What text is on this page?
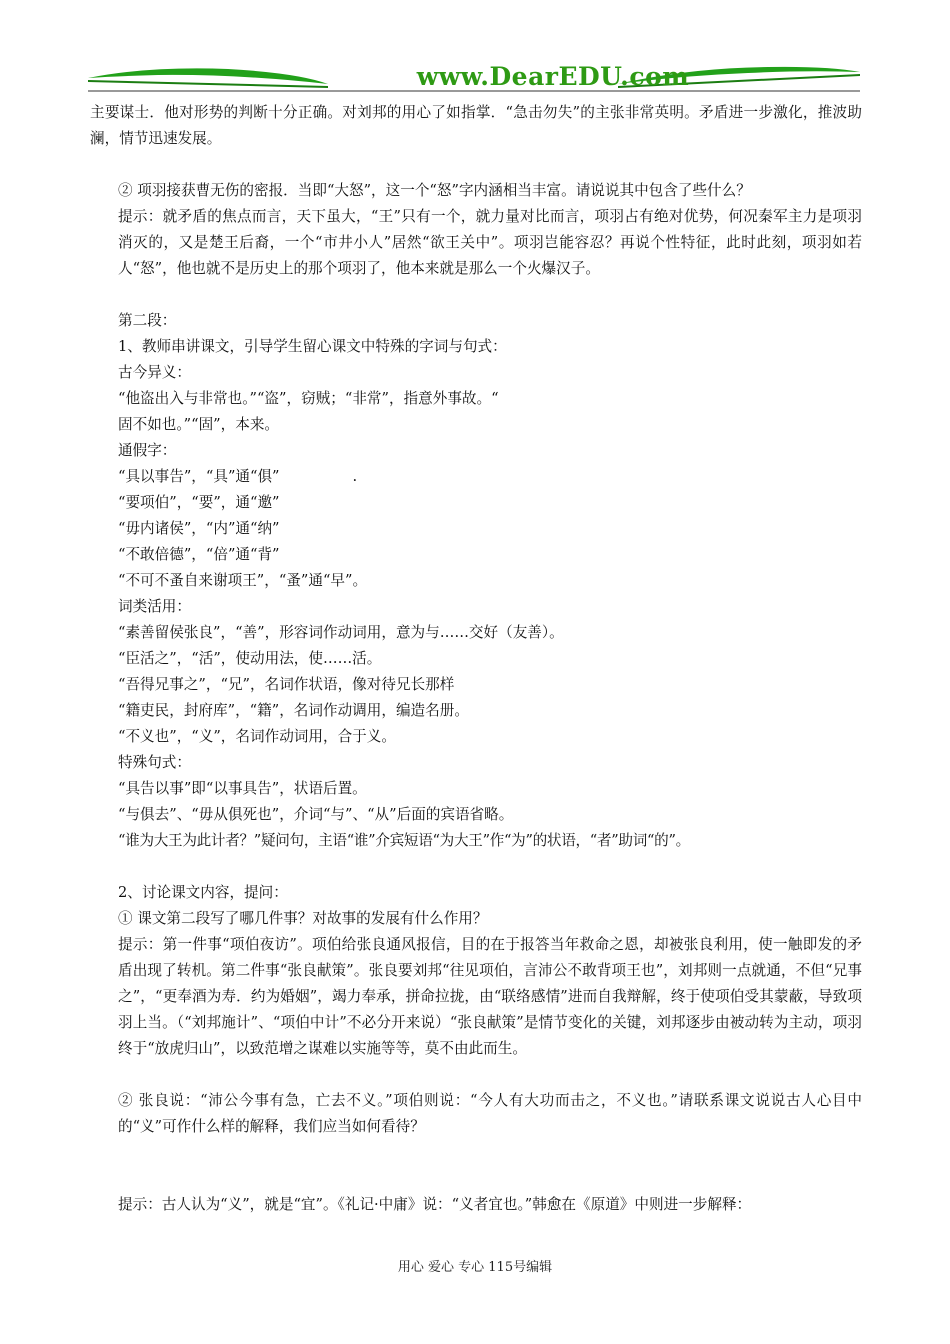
www.DearEDU.com

主要谋士．他对形势的判断十分正确。对刘邦的用心了如指掌．“急击勿失”的主张非常英明。矛盾进一步激化，推波助澜，情节迅速发展。

② 项羽接获曹无伤的密报．当即“大怒”，这一个“怒”字内涵相当丰富。请说说其中包含了些什么？

提示：就矛盾的焦点而言，天下虽大，“王”只有一个，就力量对比而言，项羽占有绝对优势，何况秦军主力是项羽消灭的，又是楚王后裔，一个“市井小人”居然“欲王关中”。项羽岂能容忍？再说个性特征，此时此刻，项羽如若人“怒”，他也就不是历史上的那个项羽了，他本来就是那么一个火爆汉子。

第二段：

1、教师串讲课文，引导学生留心课文中特殊的字词与句式：

古今异义：

“他盗出入与非常也。”“盗”，窃贼；“非常”，指意外事故。“

固不如也。”“固”，本来。

通假字：

“具以事告”，“具”通“俱”　　　　　.

“要项伯”，“要”，通“邀”

“毋内诸侯”，“内”通“纳”

“不敢倍德”，“倍”通“背”

“不可不蚤自来谢项王”，“蚤”通“早”。

词类活用：

“素善留侯张良”，“善”，形容词作动词用，意为与……交好（友善）。

“臣活之”，“活”，使动用法，使……活。

“吾得兄事之”，“兄”，名词作状语，像对待兄长那样

“籍吏民，封府库”，“籍”，名词作动调用，编造名册。

“不义也”，“义”，名词作动词用，合于义。

特殊句式：

“具告以事”即“以事具告”，状语后置。

“与俱去”、“毋从俱死也”，介词“与”、“从”后面的宾语省略。

“谁为大王为此计者？”疑问句，主语“谁”介宾短语“为大王”作“为”的状语，“者”助词“的”。

2、讨论课文内容，提问：

① 课文第二段写了哪几件事？对故事的发展有什么作用？

提示：第一件事“项伯夜访”。项伯给张良通风报信，目的在于报答当年救命之恩，却被张良利用，使一触即发的矛盾出现了转机。第二件事“张良献策”。张良要刘邦“往见项伯，言沛公不敢背项王也”，刘邦则一点就通，不但“兄事之”，“更奉酒为寿．约为婚姻”，竭力奉承，拼命拉拢，由“联络感情”进而自我辩解，终于使项伯受其蒙蔽，导致项羽上当。（“刘邦施计”、“项伯中计”不必分开来说）“张良献策”是情节变化的关键，刘邦逐步由被动转为主动，项羽终于“放虎归山”，以致范增之谋难以实施等等，莫不由此而生。

② 张良说：“沛公今事有急，亡去不义。”项伯则说：“今人有大功而击之，不义也。”请联系课文说说古人心目中的“义”可作什么样的解释，我们应当如何看待？

提示：古人认为“义”，就是“宜”。《礼记·中庸》说：“义者宜也。”韩愈在《原道》中则进一步解释：

用心 爱心 专心 115号编辑
